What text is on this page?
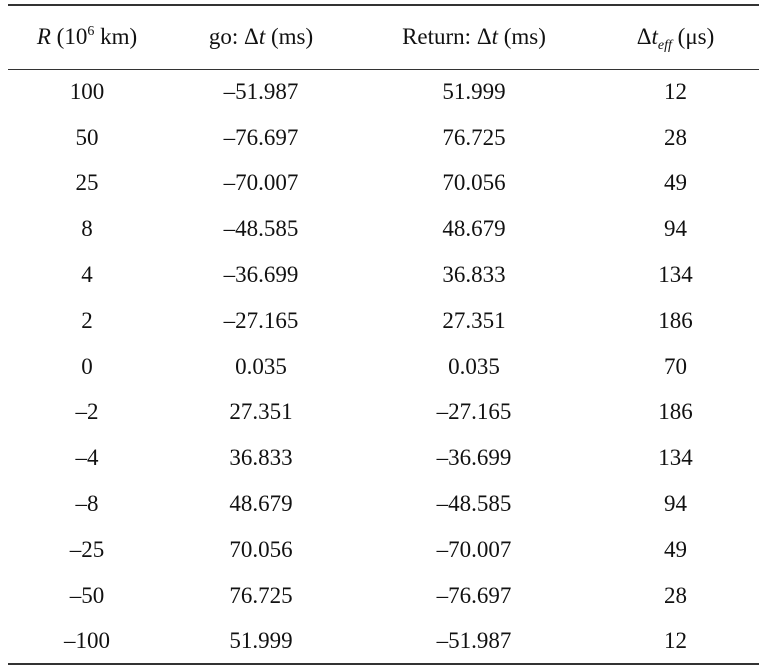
R ($10^6$ km)	go: Δt (ms)	Return: Δt (ms)	$\Delta t_{eff}$ (μs)
100	–51.987	51.999	12
50	–76.697	76.725	28
25	–70.007	70.056	49
8	–48.585	48.679	94
4	–36.699	36.833	134
2	–27.165	27.351	186
0	0.035	0.035	70
–2	27.351	–27.165	186
–4	36.833	–36.699	134
–8	48.679	–48.585	94
–25	70.056	–70.007	49
–50	76.725	–76.697	28
–100	51.999	–51.987	12
